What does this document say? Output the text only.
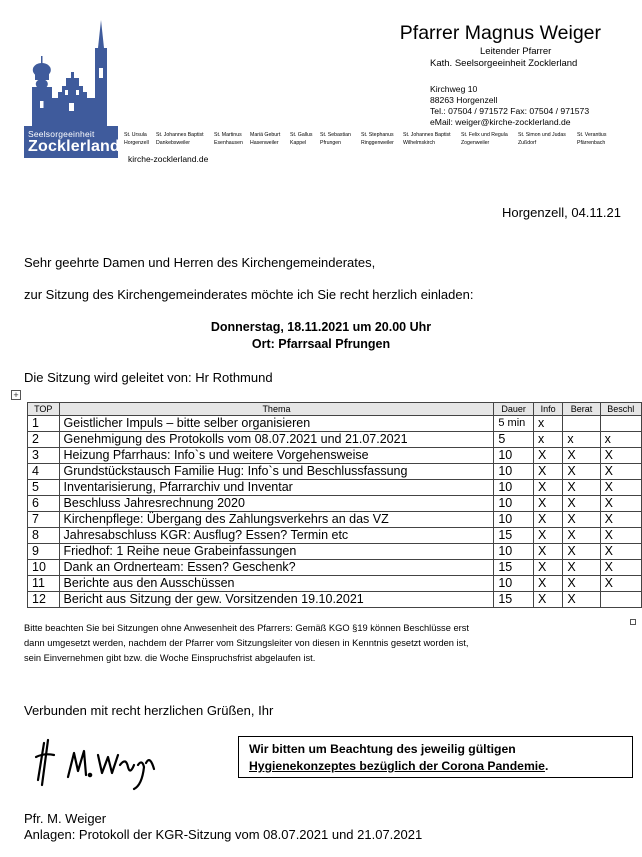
Seelsorgeeinheit
Zocklerland
Pfarrer Magnus Weiger
Leitender Pfarrer
Kath. Seelsorgeeinheit Zocklerland
Kirchweg 10
88263 Horgenzell
Tel.: 07504 / 971572 Fax: 07504 / 971573
eMail: weiger@kirche-zocklerland.de
St. Ursula
Horgenzell
St. Johannes Baptist
Dankebsweiler
St. Martinus
Esenhausen
Mariä Geburt
Hasenweiler
St. Gallus
Kappel
St. Sebastian
Pfrungen
St. Stephanus
Ringgenweiler
St. Johannes Baptist
Wilhelmskirch
St. Felix und Regula
Zogenweiler
St. Simon und Judas
Zußdorf
St. Verantius
Pfärrenbach
kirche-zocklerland.de
Horgenzell, 04.11.21
Sehr geehrte Damen und Herren des Kirchengemeinderates,
zur Sitzung des Kirchengemeinderates möchte ich Sie recht herzlich einladen:
Donnerstag, 18.11.2021 um 20.00 Uhr
Ort: Pfarrsaal Pfrungen
Die Sitzung wird geleitet von: Hr Rothmund
+
TOP	Thema	Dauer	Info	Berat	Beschl
1	Geistlicher Impuls – bitte selber organisieren	5 min	x		
2	Genehmigung des Protokolls vom 08.07.2021 und 21.07.2021	5	x	x	x
3	Heizung Pfarrhaus: Info`s und weitere Vorgehensweise	10	X	X	X
4	Grundstückstausch Familie Hug: Info`s und Beschlussfassung	10	X	X	X
5	Inventarisierung, Pfarrarchiv und Inventar	10	X	X	X
6	Beschluss Jahresrechnung 2020	10	X	X	X
7	Kirchenpflege: Übergang des Zahlungsverkehrs an das VZ	10	X	X	X
8	Jahresabschluss KGR: Ausflug? Essen? Termin etc	15	X	X	X
9	Friedhof: 1 Reihe neue Grabeinfassungen	10	X	X	X
10	Dank an Ordnerteam: Essen? Geschenk?	15	X	X	X
11	Berichte aus den Ausschüssen	10	X	X	X
12	Bericht aus Sitzung der gew. Vorsitzenden 19.10.2021	15	X	X	
Bitte beachten Sie bei Sitzungen ohne Anwesenheit des Pfarrers: Gemäß KGO §19 können Beschlüsse erst
dann umgesetzt werden, nachdem der Pfarrer vom Sitzungsleiter von diesen in Kenntnis gesetzt worden ist,
sein Einvernehmen gibt bzw. die Woche Einspruchsfrist abgelaufen ist.
Verbunden mit recht herzlichen Grüßen, Ihr
Wir bitten um Beachtung des jeweilig gültigen
Hygienekonzeptes bezüglich der Corona Pandemie.
Pfr. M. Weiger
Anlagen: Protokoll der KGR-Sitzung vom 08.07.2021 und 21.07.2021
